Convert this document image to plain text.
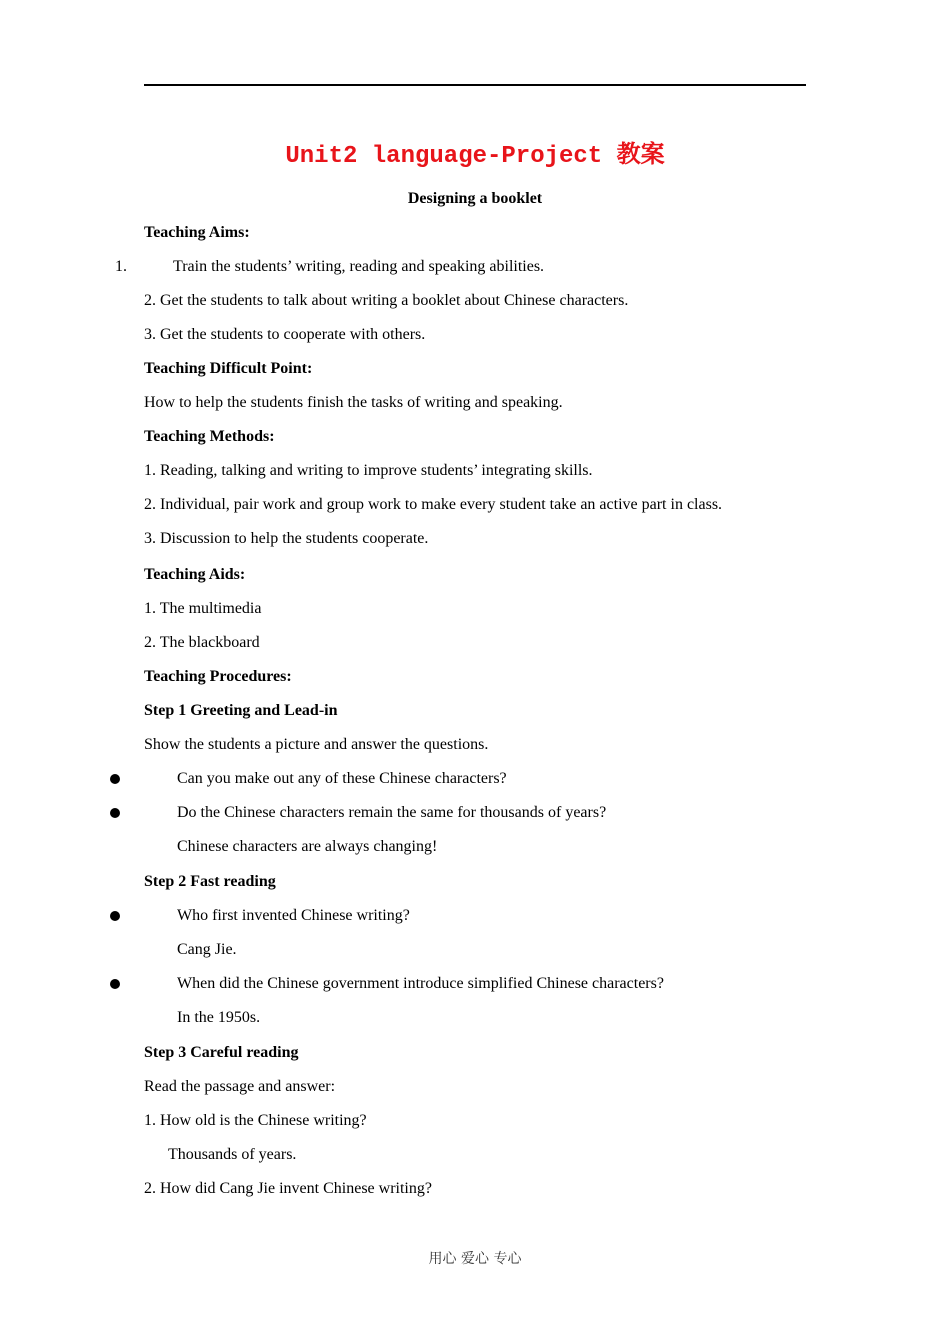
Unit2 language-Project 教案
Designing a booklet
Teaching Aims:
1.	Train the students’ writing, reading and speaking abilities.
2. Get the students to talk about writing a booklet about Chinese characters.
3. Get the students to cooperate with others.
Teaching Difficult Point:
How to help the students finish the tasks of writing and speaking.
Teaching Methods:
1. Reading, talking and writing to improve students’ integrating skills.
2. Individual, pair work and group work to make every student take an active part in class.
3. Discussion to help the students cooperate.
Teaching Aids:
1. The multimedia
2. The blackboard
Teaching Procedures:
Step 1 Greeting and Lead-in
Show the students a picture and answer the questions.
Can you make out any of these Chinese characters?
Do the Chinese characters remain the same for thousands of years?
Chinese characters are always changing!
Step 2 Fast reading
Who first invented Chinese writing?
Cang Jie.
When did the Chinese government introduce simplified Chinese characters?
In the 1950s.
Step 3 Careful reading
Read the passage and answer:
1. How old is the Chinese writing?
Thousands of years.
2. How did Cang Jie invent Chinese writing?
用心 爱心 专心
